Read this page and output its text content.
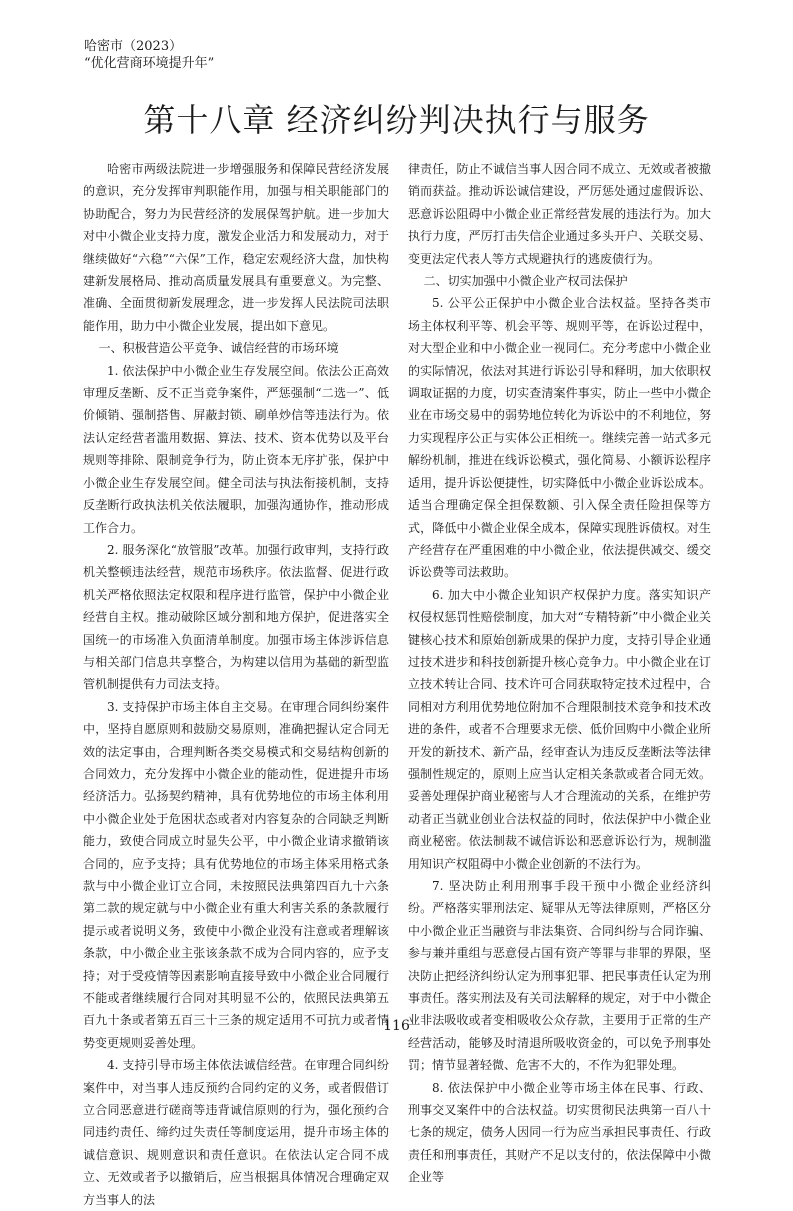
哈密市（2023）
“优化营商环境提升年”
第十八章 经济纠纷判决执行与服务

哈密市两级法院进一步增强服务和保障民营经济发展的意识，充分发挥审判职能作用，加强与相关职能部门的协助配合，努力为民营经济的发展保驾护航。进一步加大对中小微企业支持力度，激发企业活力和发展动力，对于继续做好“六稳”“六保”工作，稳定宏观经济大盘，加快构建新发展格局、推动高质量发展具有重要意义。为完整、准确、全面贯彻新发展理念，进一步发挥人民法院司法职能作用，助力中小微企业发展，提出如下意见。

一、积极营造公平竞争、诚信经营的市场环境

1. 依法保护中小微企业生存发展空间。依法公正高效审理反垄断、反不正当竞争案件，严惩强制“二选一”、低价倾销、强制搭售、屏蔽封锁、刷单炒信等违法行为。依法认定经营者滥用数据、算法、技术、资本优势以及平台规则等排除、限制竞争行为，防止资本无序扩张，保护中小微企业生存发展空间。健全司法与执法衔接机制，支持反垄断行政执法机关依法履职，加强沟通协作，推动形成工作合力。

2. 服务深化“放管服”改革。加强行政审判，支持行政机关整顿违法经营，规范市场秩序。依法监督、促进行政机关严格依照法定权限和程序进行监管，保护中小微企业经营自主权。推动破除区域分割和地方保护，促进落实全国统一的市场准入负面清单制度。加强市场主体涉诉信息与相关部门信息共享整合，为构建以信用为基础的新型监管机制提供有力司法支持。

3. 支持保护市场主体自主交易。在审理合同纠纷案件中，坚持自愿原则和鼓励交易原则，准确把握认定合同无效的法定事由，合理判断各类交易模式和交易结构创新的合同效力，充分发挥中小微企业的能动性，促进提升市场经济活力。弘扬契约精神，具有优势地位的市场主体利用中小微企业处于危困状态或者对内容复杂的合同缺乏判断能力，致使合同成立时显失公平，中小微企业请求撤销该合同的，应予支持；具有优势地位的市场主体采用格式条款与中小微企业订立合同，未按照民法典第四百九十六条第二款的规定就与中小微企业有重大利害关系的条款履行提示或者说明义务，致使中小微企业没有注意或者理解该条款，中小微企业主张该条款不成为合同内容的，应予支持；对于受疫情等因素影响直接导致中小微企业合同履行不能或者继续履行合同对其明显不公的，依照民法典第五百九十条或者第五百三十三条的规定适用不可抗力或者情势变更规则妥善处理。

4. 支持引导市场主体依法诚信经营。在审理合同纠纷案件中，对当事人违反预约合同约定的义务，或者假借订立合同恶意进行磋商等违背诚信原则的行为，强化预约合同违约责任、缔约过失责任等制度运用，提升市场主体的诚信意识、规则意识和责任意识。在依法认定合同不成立、无效或者予以撤销后，应当根据具体情况合理确定双方当事人的法

律责任，防止不诚信当事人因合同不成立、无效或者被撤销而获益。推动诉讼诚信建设，严厉惩处通过虚假诉讼、恶意诉讼阻碍中小微企业正常经营发展的违法行为。加大执行力度，严厉打击失信企业通过多头开户、关联交易、变更法定代表人等方式规避执行的逃废债行为。

二、切实加强中小微企业产权司法保护

5. 公平公正保护中小微企业合法权益。坚持各类市场主体权利平等、机会平等、规则平等，在诉讼过程中，对大型企业和中小微企业一视同仁。充分考虑中小微企业的实际情况，依法对其进行诉讼引导和释明，加大依职权调取证据的力度，切实查清案件事实，防止一些中小微企业在市场交易中的弱势地位转化为诉讼中的不利地位，努力实现程序公正与实体公正相统一。继续完善一站式多元解纷机制，推进在线诉讼模式，强化简易、小额诉讼程序适用，提升诉讼便捷性，切实降低中小微企业诉讼成本。适当合理确定保全担保数额、引入保全责任险担保等方式，降低中小微企业保全成本，保障实现胜诉债权。对生产经营存在严重困难的中小微企业，依法提供减交、缓交诉讼费等司法救助。

6. 加大中小微企业知识产权保护力度。落实知识产权侵权惩罚性赔偿制度，加大对“专精特新”中小微企业关键核心技术和原始创新成果的保护力度，支持引导企业通过技术进步和科技创新提升核心竞争力。中小微企业在订立技术转让合同、技术许可合同获取特定技术过程中，合同相对方利用优势地位附加不合理限制技术竞争和技术改进的条件，或者不合理要求无偿、低价回购中小微企业所开发的新技术、新产品，经审查认为违反反垄断法等法律强制性规定的，原则上应当认定相关条款或者合同无效。妥善处理保护商业秘密与人才合理流动的关系，在维护劳动者正当就业创业合法权益的同时，依法保护中小微企业商业秘密。依法制裁不诚信诉讼和恶意诉讼行为，规制滥用知识产权阻碍中小微企业创新的不法行为。

7. 坚决防止利用刑事手段干预中小微企业经济纠纷。严格落实罪刑法定、疑罪从无等法律原则，严格区分中小微企业正当融资与非法集资、合同纠纷与合同诈骗、参与兼并重组与恶意侵占国有资产等罪与非罪的界限，坚决防止把经济纠纷认定为刑事犯罪、把民事责任认定为刑事责任。落实刑法及有关司法解释的规定，对于中小微企业非法吸收或者变相吸收公众存款，主要用于正常的生产经营活动，能够及时清退所吸收资金的，可以免予刑事处罚；情节显著轻微、危害不大的，不作为犯罪处理。

8. 依法保护中小微企业等市场主体在民事、行政、刑事交叉案件中的合法权益。切实贯彻民法典第一百八十七条的规定，债务人因同一行为应当承担民事责任、行政责任和刑事责任，其财产不足以支付的，依法保障中小微企业等

116
